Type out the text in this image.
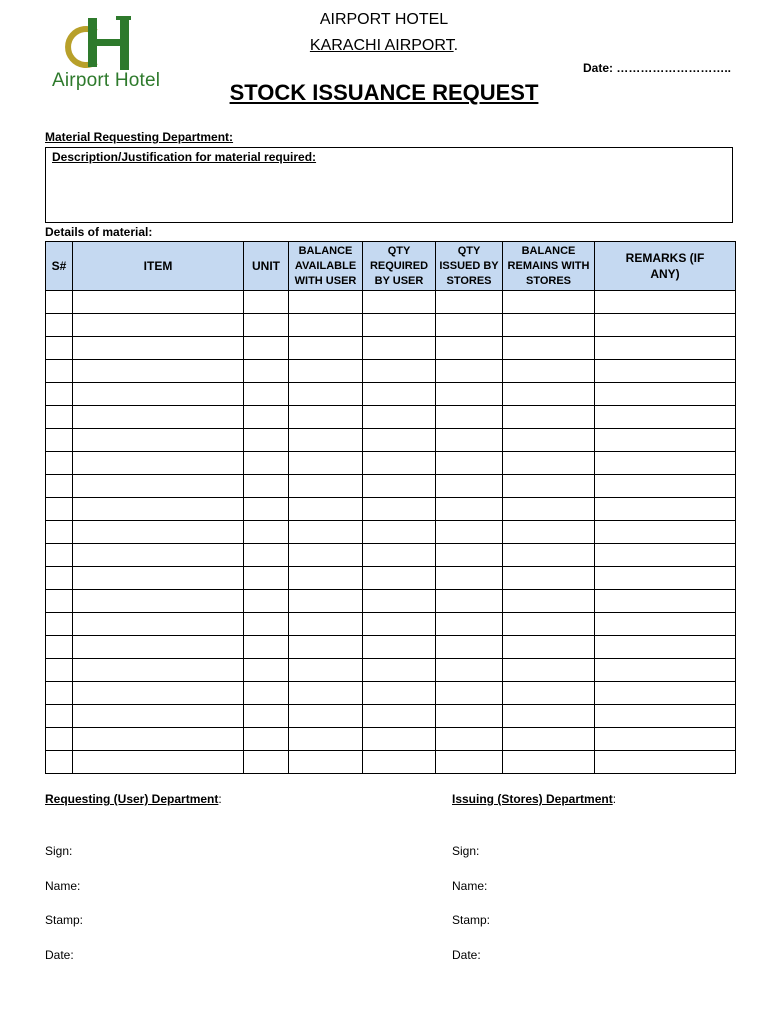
Airport Hotel
AIRPORT HOTEL
KARACHI AIRPORT.
STOCK ISSUANCE REQUEST
Date: ………………………..
Material Requesting Department:
Description/Justification for material required:
Details of material:
S#	ITEM	UNIT	BALANCE AVAILABLE WITH USER	QTY REQUIRED BY USER	QTY ISSUED BY STORES	BALANCE REMAINS WITH STORES	REMARKS (IF ANY)

Requesting (User) Department:
Sign:
Name:
Stamp:
Date:
Issuing (Stores) Department:
Sign:
Name:
Stamp:
Date:
